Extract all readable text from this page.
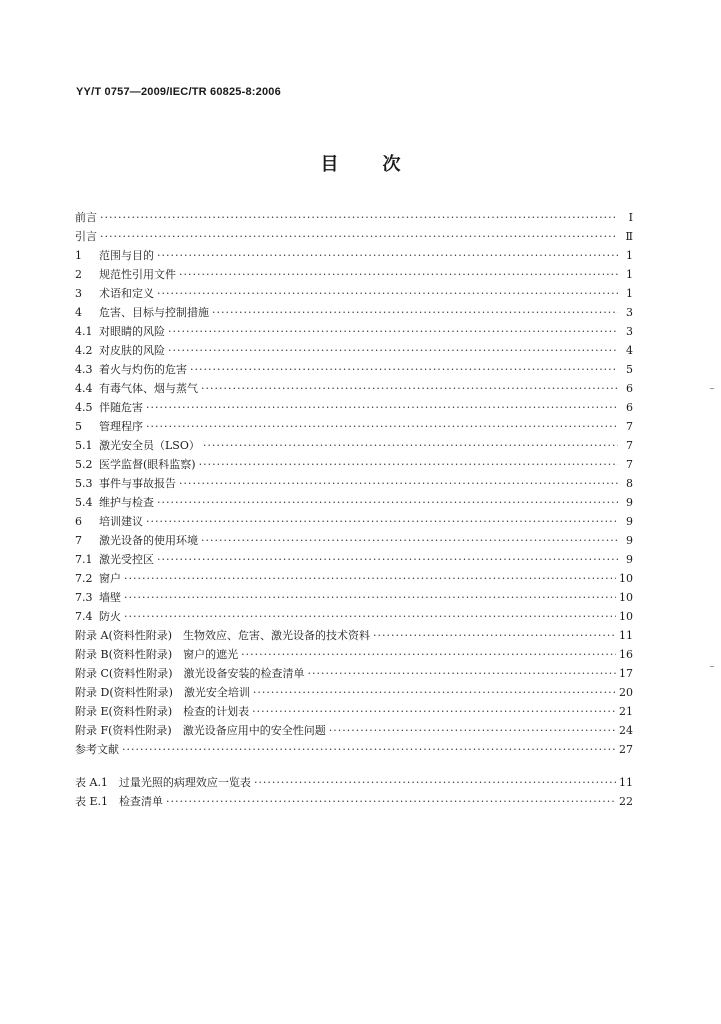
YY/T 0757—2009/IEC/TR 60825-8:2006
目 次
前言 ·····	Ⅰ
引言 ·····	Ⅱ
1	范围与目的 ·····	1
2	规范性引用文件 ·····	1
3	术语和定义 ·····	1
4	危害、目标与控制措施 ·····	3
4.1 对眼睛的风险 ·····	3
4.2 对皮肤的风险 ·····	4
4.3 着火与灼伤的危害 ·····	5
4.4 有毒气体、烟与蒸气 ·····	6
4.5 伴随危害 ·····	6
5	管理程序 ·····	7
5.1 激光安全员（LSO） ·····	7
5.2 医学监督(眼科监察) ·····	7
5.3 事件与事故报告 ·····	8
5.4 维护与检查 ·····	9
6	培训建议 ·····	9
7	激光设备的使用环境 ·····	9
7.1 激光受控区 ·····	9
7.2 窗户 ·····	10
7.3 墙壁 ·····	10
7.4 防火 ·····	10
附录 A(资料性附录)　生物效应、危害、激光设备的技术资料 ·····	11
附录 B(资料性附录)　窗户的遮光 ·····	16
附录 C(资料性附录)　激光设备安装的检查清单 ·····	17
附录 D(资料性附录)　激光安全培训 ·····	20
附录 E(资料性附录)　检查的计划表 ·····	21
附录 F(资料性附录)　激光设备应用中的安全性问题 ·····	24
参考文献 ·····	27
表 A.1　过量光照的病理效应一览表 ·····	11
表 E.1　检查清单 ·····	22
